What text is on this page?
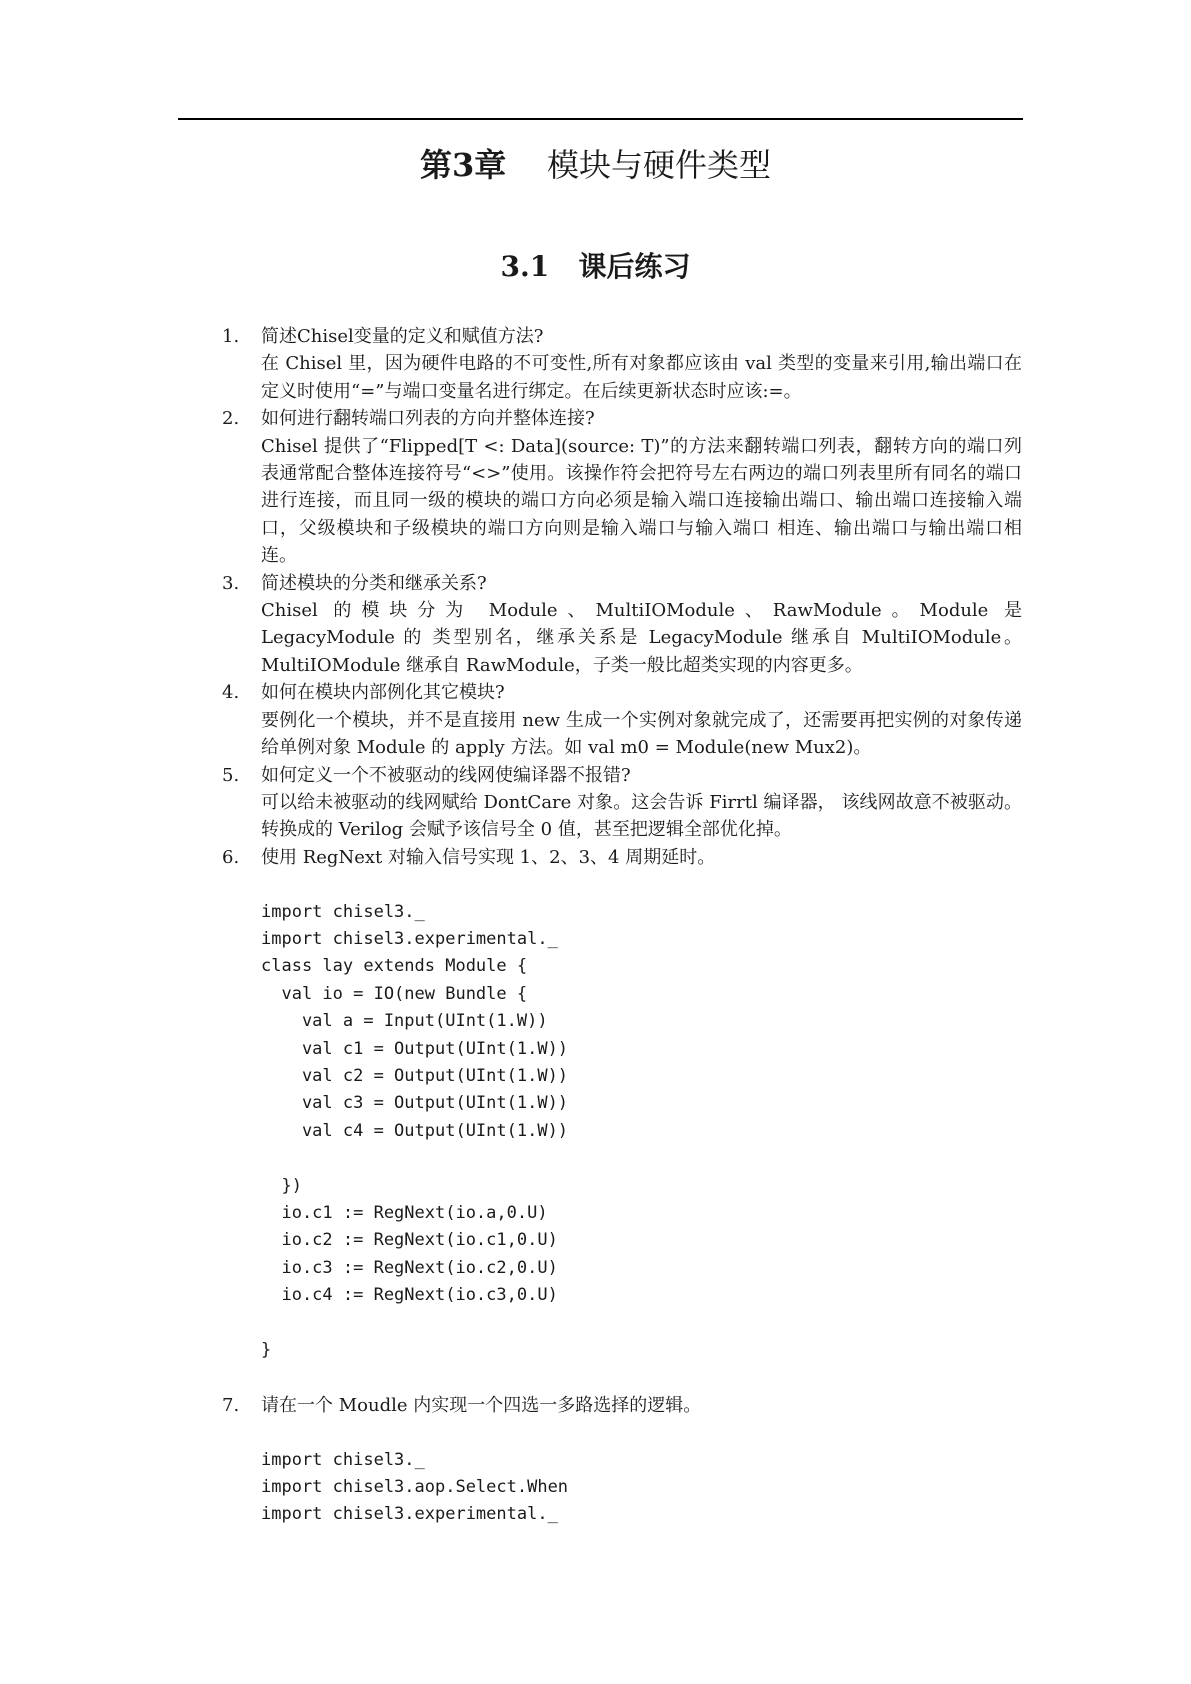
第3章 模块与硬件类型
3.1 课后练习
1.	简述Chisel变量的定义和赋值方法?
在 Chisel 里，因为硬件电路的不可变性,所有对象都应该由 val 类型的变量来引用,输出端口在定义时使用“=”与端口变量名进行绑定。在后续更新状态时应该:=。
2.	如何进行翻转端口列表的方向并整体连接?
Chisel 提供了“Flipped[T <: Data](source: T)”的方法来翻转端口列表，翻转方向的端口列表通常配合整体连接符号“<>”使用。该操作符会把符号左右两边的端口列表里所有同名的端口进行连接，而且同一级的模块的端口方向必须是输入端口连接输出端口、输出端口连接输入端口，父级模块和子级模块的端口方向则是输入端口与输入端口 相连、输出端口与输出端口相连。
3.	简述模块的分类和继承关系?
Chisel 的模块分为 Module、MultiIOModule、RawModule。Module 是 LegacyModule 的 类型别名，继承关系是 LegacyModule 继承自 MultiIOModule。MultiIOModule 继承自 RawModule，子类一般比超类实现的内容更多。
4.	如何在模块内部例化其它模块?
要例化一个模块，并不是直接用 new 生成一个实例对象就完成了，还需要再把实例的对象传递给单例对象 Module 的 apply 方法。如 val m0 = Module(new Mux2)。
5.	如何定义一个不被驱动的线网使编译器不报错?
可以给未被驱动的线网赋给 DontCare 对象。这会告诉 Firrtl 编译器， 该线网故意不被驱动。转换成的 Verilog 会赋予该信号全 0 值，甚至把逻辑全部优化掉。
6.	使用 RegNext 对输入信号实现 1、2、3、4 周期延时。
import chisel3._
import chisel3.experimental._
class lay extends Module {
val io = IO(new Bundle {
val a = Input(UInt(1.W))
val c1 = Output(UInt(1.W))
val c2 = Output(UInt(1.W))
val c3 = Output(UInt(1.W))
val c4 = Output(UInt(1.W))

})
io.c1 := RegNext(io.a,0.U)
io.c2 := RegNext(io.c1,0.U)
io.c3 := RegNext(io.c2,0.U)
io.c4 := RegNext(io.c3,0.U)

}
7.	请在一个 Moudle 内实现一个四选一多路选择的逻辑。
import chisel3._
import chisel3.aop.Select.When
import chisel3.experimental._
